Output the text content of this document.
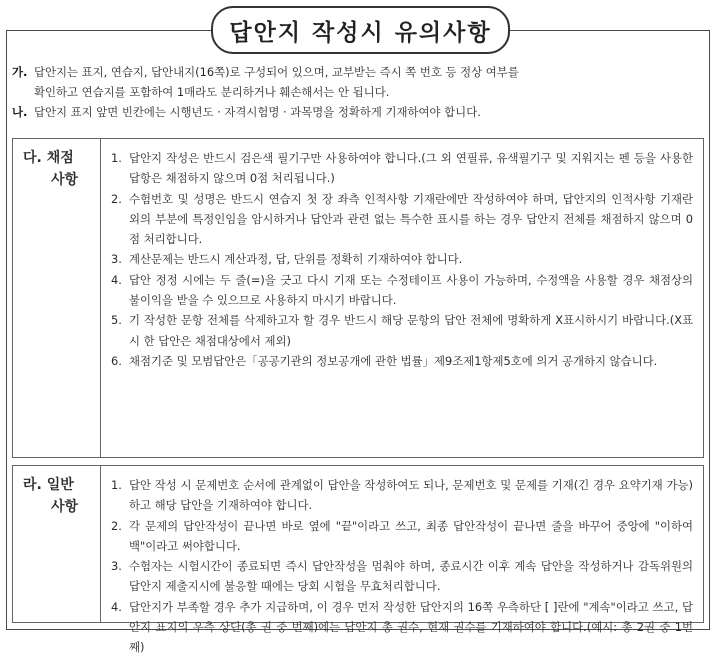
답안지 작성시 유의사항
가. 답안지는 표지, 연습지, 답안내지(16쪽)로 구성되어 있으며, 교부받는 즉시 쪽 번호 등 정상 여부를
확인하고 연습지를 포함하여 1매라도 분리하거나 훼손해서는 안 됩니다.
나. 답안지 표지 앞면 빈칸에는 시행년도 · 자격시험명 · 과목명을 정확하게 기재하여야 합니다.
다. 채점
사항
1. 답안지 작성은 반드시 검은색 필기구만 사용하여야 합니다.(그 외 연필류, 유색필기구 및 지워지는 펜 등을 사용한 답항은 채점하지 않으며 0점 처리됩니다.)
2. 수험번호 및 성명은 반드시 연습지 첫 장 좌측 인적사항 기재란에만 작성하여야 하며, 답안지의 인적사항 기재란 외의 부분에 특정인임을 암시하거나 답안과 관련 없는 특수한 표시를 하는 경우 답안지 전체를 채점하지 않으며 0점 처리합니다.
3. 계산문제는 반드시 계산과정, 답, 단위를 정확히 기재하여야 합니다.
4. 답안 정정 시에는 두 줄(=)을 긋고 다시 기재 또는 수정테이프 사용이 가능하며, 수정액을 사용할 경우 채점상의 불이익을 받을 수 있으므로 사용하지 마시기 바랍니다.
5. 기 작성한 문항 전체를 삭제하고자 할 경우 반드시 해당 문항의 답안 전체에 명확하게 X표시하시기 바랍니다.(X표시 한 답안은 채점대상에서 제외)
6. 채점기준 및 모범답안은「공공기관의 정보공개에 관한 법률」제9조제1항제5호에 의거 공개하지 않습니다.
라. 일반
사항
1. 답안 작성 시 문제번호 순서에 관계없이 답안을 작성하여도 되나, 문제번호 및 문제를 기재(긴 경우 요약기재 가능)하고 해당 답안을 기재하여야 합니다.
2. 각 문제의 답안작성이 끝나면 바로 옆에 "끝"이라고 쓰고, 최종 답안작성이 끝나면 줄을 바꾸어 중앙에 "이하여백"이라고 써야합니다.
3. 수험자는 시험시간이 종료되면 즉시 답안작성을 멈춰야 하며, 종료시간 이후 계속 답안을 작성하거나 감독위원의 답안지 제출지시에 불응할 때에는 당회 시험을 무효처리합니다.
4. 답안지가 부족할 경우 추가 지급하며, 이 경우 먼저 작성한 답안지의 16쪽 우측하단 [ ]란에 "계속"이라고 쓰고, 답안지 표지의 우측 상단(총 권 중 번째)에는 답안지 총 권수, 현재 권수를 기재하여야 합니다.(예시: 총 2권 중 1번째)
